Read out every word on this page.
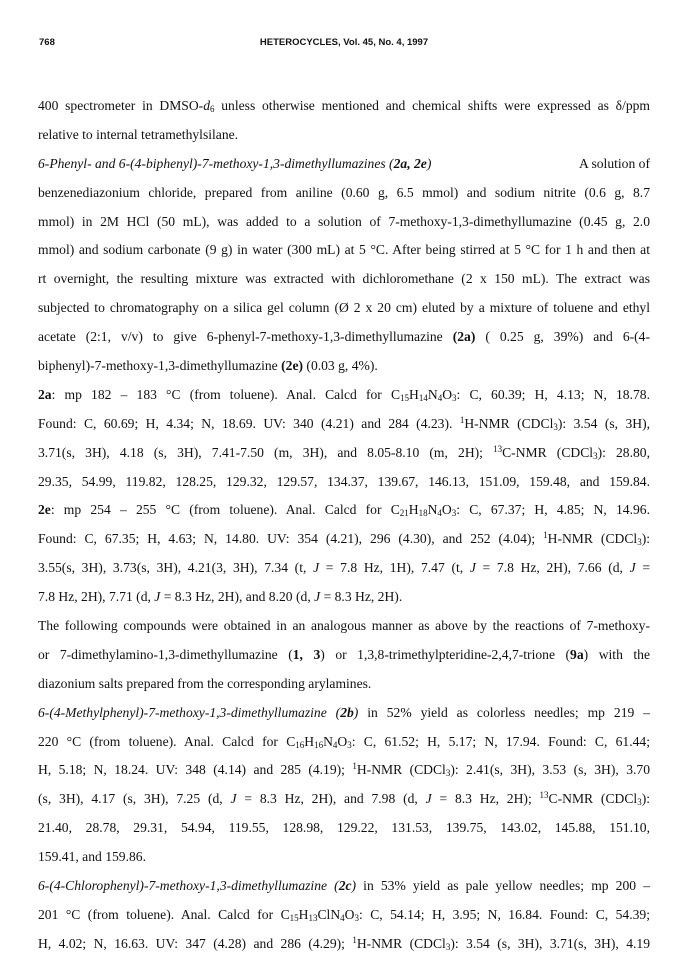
768	HETEROCYCLES, Vol. 45, No. 4, 1997
400 spectrometer in DMSO-$d_6$ unless otherwise mentioned and chemical shifts were expressed as δ/ppm
relative to internal tetramethylsilane.
6-Phenyl- and 6-(4-biphenyl)-7-methoxy-1,3-dimethyllumazines (2a, 2e)	A solution of
benzenediazonium chloride, prepared from aniline (0.60 g, 6.5 mmol) and sodium nitrite (0.6 g, 8.7
mmol) in 2M HCl (50 mL), was added to a solution of 7-methoxy-1,3-dimethyllumazine (0.45 g, 2.0
mmol) and sodium carbonate (9 g) in water (300 mL) at 5 °C. After being stirred at 5 °C for 1 h and then at
rt overnight, the resulting mixture was extracted with dichloromethane (2 x 150 mL). The extract was
subjected to chromatography on a silica gel column (Ø 2 x 20 cm) eluted by a mixture of toluene and ethyl
acetate (2:1, v/v) to give 6-phenyl-7-methoxy-1,3-dimethyllumazine (2a) ( 0.25 g, 39%) and 6-(4-
biphenyl)-7-methoxy-1,3-dimethyllumazine (2e) (0.03 g, 4%).
2a: mp 182 – 183 °C (from toluene). Anal. Calcd for $C_{15}H_{14}N_4O_3$: C, 60.39; H, 4.13; N, 18.78.
Found: C, 60.69; H, 4.34; N, 18.69. UV: 340 (4.21) and 284 (4.23). $^1$H-NMR (CDCl$_3$): 3.54 (s, 3H),
3.71(s, 3H), 4.18 (s, 3H), 7.41-7.50 (m, 3H), and 8.05-8.10 (m, 2H); $^{13}$C-NMR (CDCl$_3$): 28.80,
29.35, 54.99, 119.82, 128.25, 129.32, 129.57, 134.37, 139.67, 146.13, 151.09, 159.48, and 159.84.
2e: mp 254 – 255 °C (from toluene). Anal. Calcd for $C_{21}H_{18}N_4O_3$: C, 67.37; H, 4.85; N, 14.96.
Found: C, 67.35; H, 4.63; N, 14.80. UV: 354 (4.21), 296 (4.30), and 252 (4.04); $^1$H-NMR (CDCl$_3$):
3.55(s, 3H), 3.73(s, 3H), 4.21(3, 3H), 7.34 (t, J = 7.8 Hz, 1H), 7.47 (t, J = 7.8 Hz, 2H), 7.66 (d, J =
7.8 Hz, 2H), 7.71 (d, J = 8.3 Hz, 2H), and 8.20 (d, J = 8.3 Hz, 2H).
The following compounds were obtained in an analogous manner as above by the reactions of 7-methoxy-
or 7-dimethylamino-1,3-dimethyllumazine (1, 3) or 1,3,8-trimethylpteridine-2,4,7-trione (9a) with the
diazonium salts prepared from the corresponding arylamines.
6-(4-Methylphenyl)-7-methoxy-1,3-dimethyllumazine (2b) in 52% yield as colorless needles; mp 219 –
220 °C (from toluene). Anal. Calcd for $C_{16}H_{16}N_4O_3$: C, 61.52; H, 5.17; N, 17.94. Found: C, 61.44;
H, 5.18; N, 18.24. UV: 348 (4.14) and 285 (4.19); $^1$H-NMR (CDCl$_3$): 2.41(s, 3H), 3.53 (s, 3H), 3.70
(s, 3H), 4.17 (s, 3H), 7.25 (d, J = 8.3 Hz, 2H), and 7.98 (d, J = 8.3 Hz, 2H); $^{13}$C-NMR (CDCl$_3$):
21.40, 28.78, 29.31, 54.94, 119.55, 128.98, 129.22, 131.53, 139.75, 143.02, 145.88, 151.10,
159.41, and 159.86.
6-(4-Chlorophenyl)-7-methoxy-1,3-dimethyllumazine (2c) in 53% yield as pale yellow needles; mp 200 –
201 °C (from toluene). Anal. Calcd for $C_{15}H_{13}ClN_4O_3$: C, 54.14; H, 3.95; N, 16.84. Found: C, 54.39;
H, 4.02; N, 16.63. UV: 347 (4.28) and 286 (4.29); $^1$H-NMR (CDCl$_3$): 3.54 (s, 3H), 3.71(s, 3H), 4.19
